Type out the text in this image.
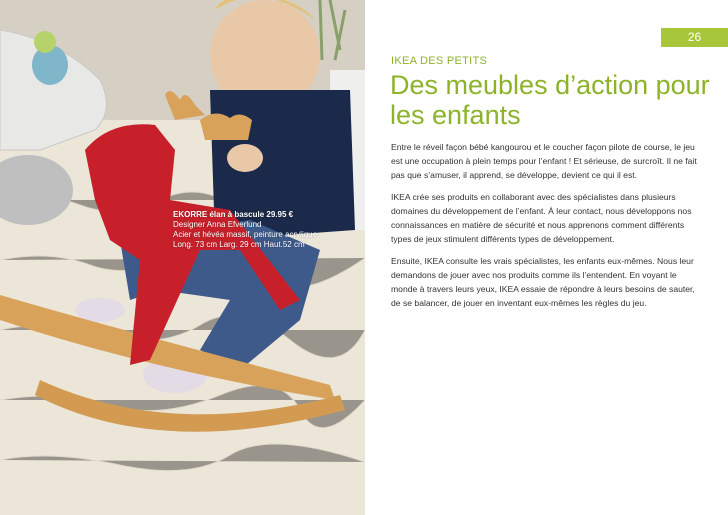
EKORRE élan à bascule 29.95 €
Designer Anna Efverlund
Acier et hévéa massif, peinture acrylique.
Long. 73 cm Larg. 29 cm Haut.52 cm
26
IKEA DES PETITS
Des meubles d’action pour les enfants

Entre le réveil façon bébé kangourou et le coucher façon pilote de course, le jeu est une occupation à plein temps pour l’enfant ! Et sérieuse, de surcroît. Il ne fait pas que s’amuser, il apprend, se développe, devient ce qui il est.

IKEA crée ses produits en collaborant avec des spécialistes dans plusieurs domaines du développement de l’enfant. À leur contact, nous développons nos connaissances en matière de sécurité et nous apprenons comment différents types de jeux stimulent différents types de développement.

Ensuite, IKEA consulte les vrais spécialistes, les enfants eux-mêmes. Nous leur demandons de jouer avec nos produits comme ils l’entendent. En voyant le monde à travers leurs yeux, IKEA essaie de répondre à leurs besoins de sauter, de se balancer, de jouer en inventant eux-mêmes les règles du jeu.
